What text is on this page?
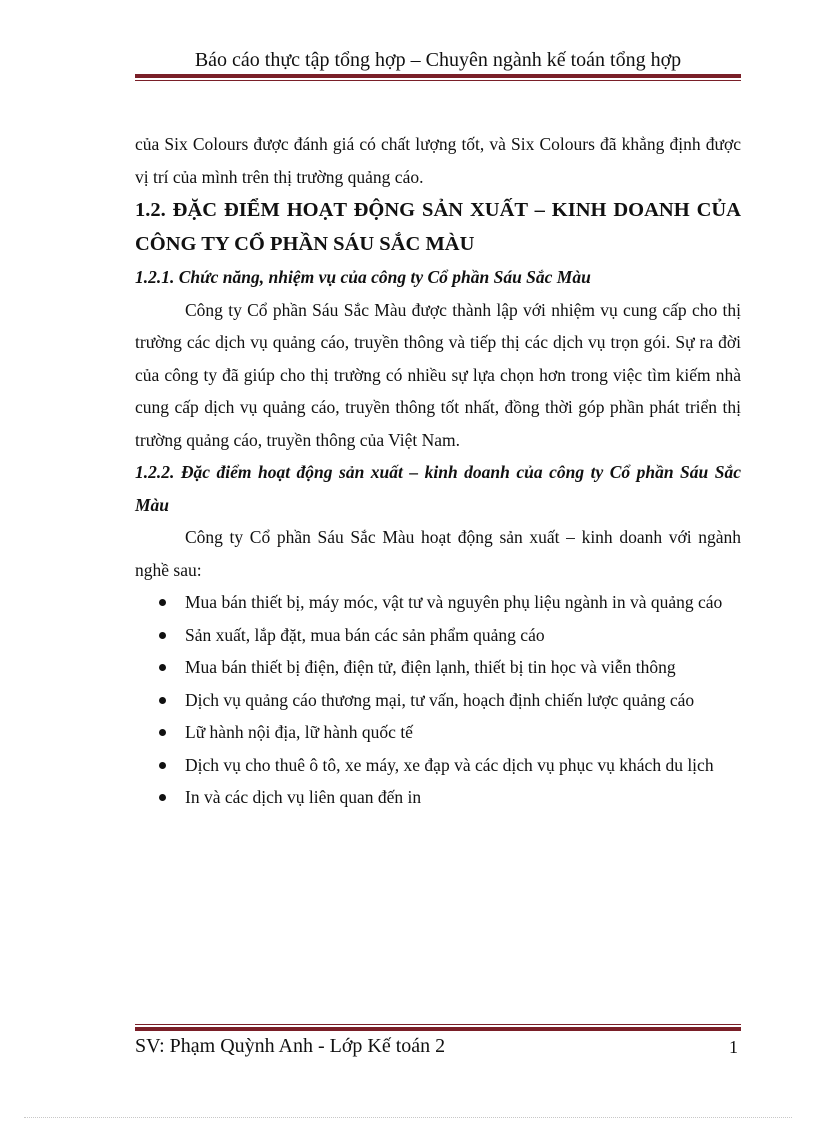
Báo cáo thực tập tổng hợp – Chuyên ngành kế toán tổng hợp

của Six Colours được đánh giá có chất lượng tốt, và Six Colours đã khẳng định được vị trí của mình trên thị trường quảng cáo.

1.2. ĐẶC ĐIỂM HOẠT ĐỘNG SẢN XUẤT – KINH DOANH CỦA CÔNG TY CỔ PHẦN SÁU SẮC MÀU

1.2.1. Chức năng, nhiệm vụ của công ty Cổ phần Sáu Sắc Màu

Công ty Cổ phần Sáu Sắc Màu được thành lập với nhiệm vụ cung cấp cho thị trường các dịch vụ quảng cáo, truyền thông và tiếp thị các dịch vụ trọn gói. Sự ra đời của công ty đã giúp cho thị trường có nhiều sự lựa chọn hơn trong việc tìm kiếm nhà cung cấp dịch vụ quảng cáo, truyền thông tốt nhất, đồng thời góp phần phát triển thị trường quảng cáo, truyền thông của Việt Nam.

1.2.2. Đặc điểm hoạt động sản xuất – kinh doanh của công ty Cổ phần Sáu Sắc Màu

Công ty Cổ phần Sáu Sắc Màu hoạt động sản xuất – kinh doanh với ngành nghề sau:

Mua bán thiết bị, máy móc, vật tư và nguyên phụ liệu ngành in và quảng cáo
Sản xuất, lắp đặt, mua bán các sản phẩm quảng cáo
Mua bán thiết bị điện, điện tử, điện lạnh, thiết bị tin học và viễn thông
Dịch vụ quảng cáo thương mại, tư vấn, hoạch định chiến lược quảng cáo
Lữ hành nội địa, lữ hành quốc tế
Dịch vụ cho thuê ô tô, xe máy, xe đạp và các dịch vụ phục vụ khách du lịch
In và các dịch vụ liên quan đến in
SV: Phạm Quỳnh Anh - Lớp Kế toán 2	1
